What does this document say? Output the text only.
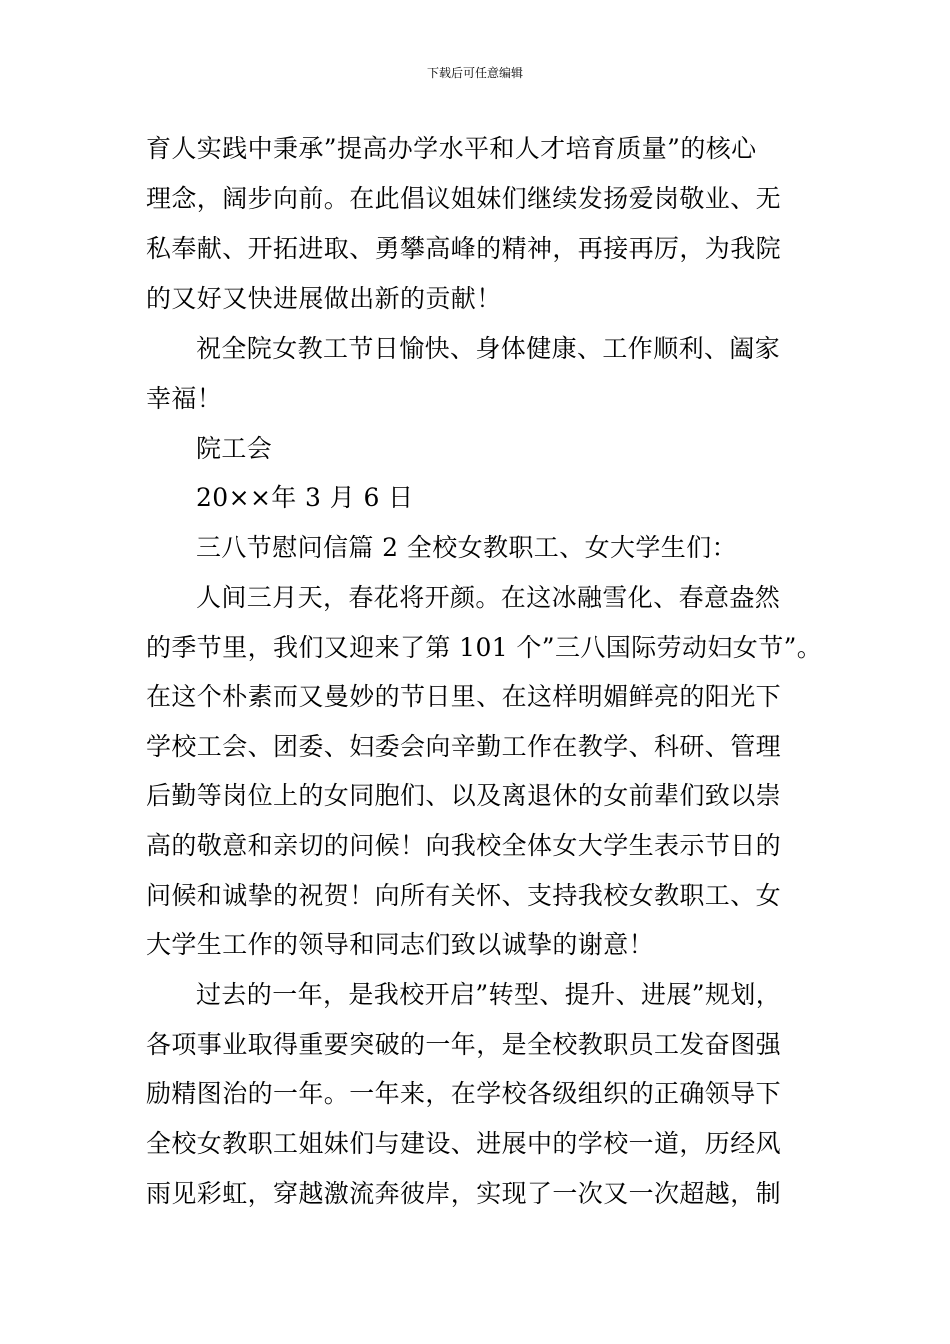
下载后可任意编辑
育人实践中秉承”提高办学水平和人才培育质量”的核心
理念，阔步向前。在此倡议姐妹们继续发扬爱岗敬业、无
私奉献、开拓进取、勇攀高峰的精神，再接再厉，为我院
的又好又快进展做出新的贡献！
祝全院女教工节日愉快、身体健康、工作顺利、阖家
幸福！
院工会
20××年 3 月 6 日
三八节慰问信篇 2 全校女教职工、女大学生们：
人间三月天，春花将开颜。在这冰融雪化、春意盎然
的季节里，我们又迎来了第 101 个”三八国际劳动妇女节”。
在这个朴素而又曼妙的节日里、在这样明媚鲜亮的阳光下
学校工会、团委、妇委会向辛勤工作在教学、科研、管理
后勤等岗位上的女同胞们、以及离退休的女前辈们致以崇
高的敬意和亲切的问候！向我校全体女大学生表示节日的
问候和诚挚的祝贺！向所有关怀、支持我校女教职工、女
大学生工作的领导和同志们致以诚挚的谢意！
过去的一年，是我校开启”转型、提升、进展”规划，
各项事业取得重要突破的一年，是全校教职员工发奋图强
励精图治的一年。一年来，在学校各级组织的正确领导下
全校女教职工姐妹们与建设、进展中的学校一道，历经风
雨见彩虹，穿越激流奔彼岸，实现了一次又一次超越，制
